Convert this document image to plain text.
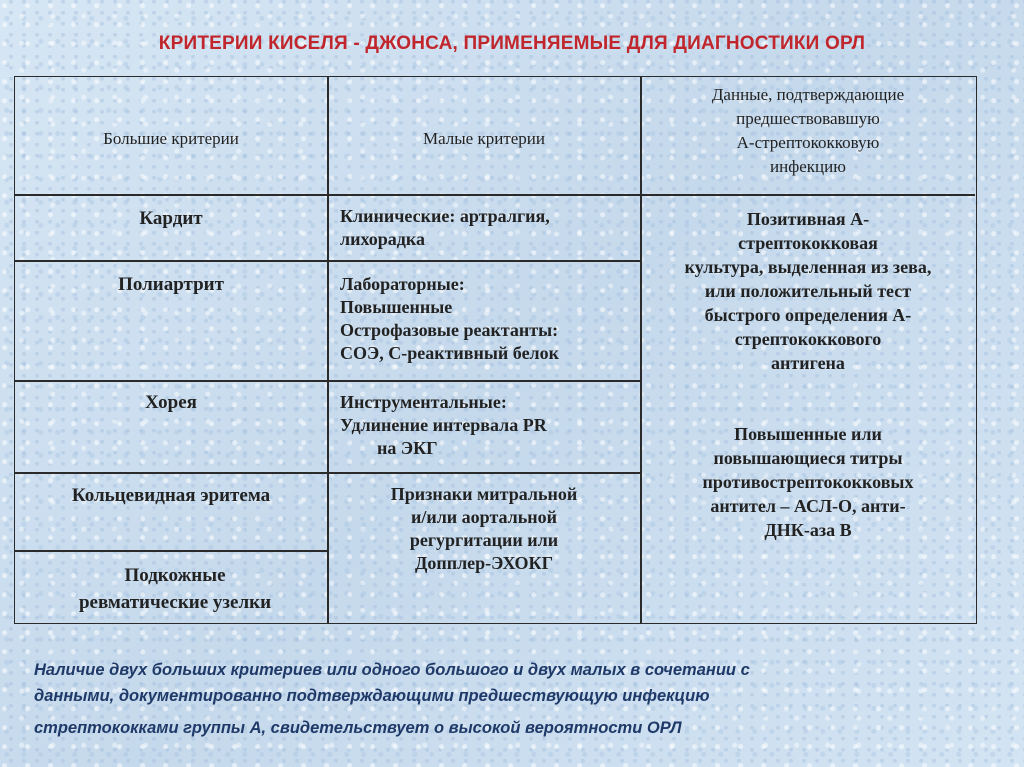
КРИТЕРИИ КИСЕЛЯ - ДЖОНСА, ПРИМЕНЯЕМЫЕ ДЛЯ ДИАГНОСТИКИ ОРЛ
Большие критерии	Малые критерии
Данные, подтверждающие
предшествовавшую
А-стрептококковую
инфекцию
Кардит
Полиартрит
Хорея
Кольцевидная эритема
Подкожные ревматические узелки
Клинические: артралгия,
лихорадка
Лабораторные:
Повышенные
Острофазовые реактанты:
СОЭ, С-реактивный белок
Инструментальные:
Удлинение интервала PR
на ЭКГ
Признаки митральной
и/или аортальной
регургитации или
Допплер-ЭХОКГ
Позитивная А-
стрептококковая
культура, выделенная из зева,
или положительный тест
быстрого определения А-
стрептококкового
антигена
Повышенные или
повышающиеся титры
противострептококковых
антител – АСЛ-О, анти-
ДНК-аза В
Наличие двух больших критериев или одного большого и двух малых в сочетании с
данными, документированно подтверждающими предшествующую инфекцию
стрептококками группы А, свидетельствует о высокой вероятности ОРЛ
